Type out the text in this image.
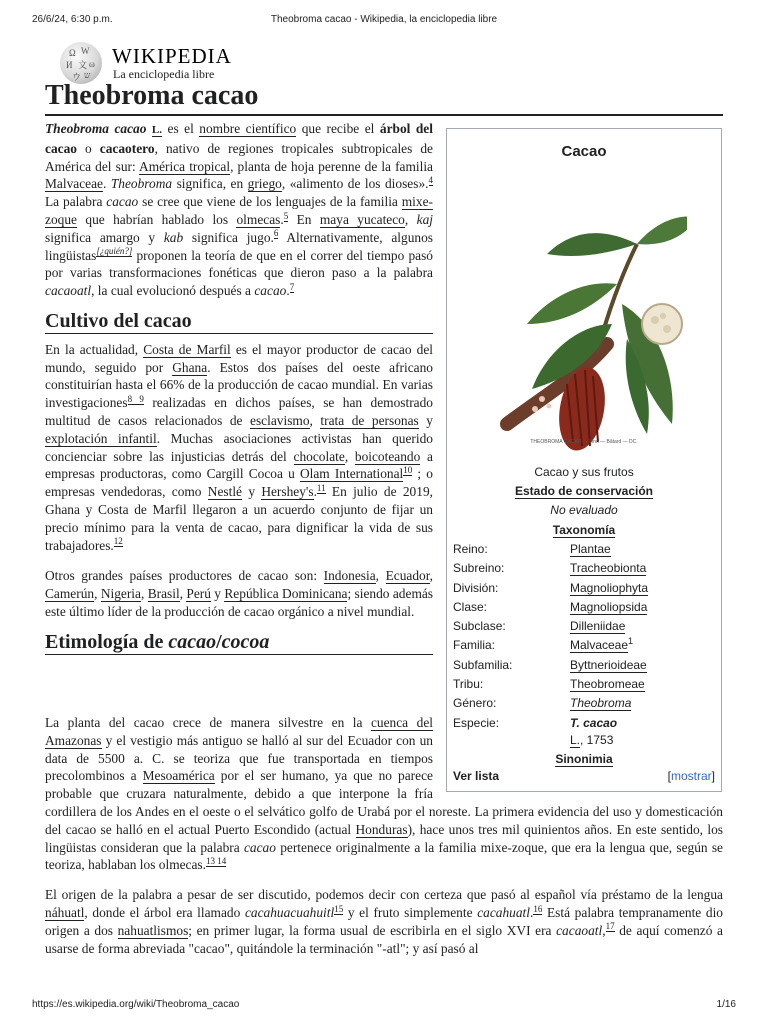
26/6/24, 6:30 p.m.	Theobroma cacao - Wikipedia, la enciclopedia libre
Ω W
И 文 ω
ウ ש
WIKIPEDIA
La enciclopedia libre
Theobroma cacao

Theobroma cacao L. es el nombre científico que recibe el árbol del cacao o cacaotero, nativo de regiones tropicales subtropicales de América del sur: América tropical, planta de hoja perenne de la familia Malvaceae. Theobroma significa, en griego, «alimento de los dioses».$^4$ La palabra cacao se cree que viene de los lenguajes de la familia mixe-zoque que habrían hablado los olmecas.$^5$ En maya yucateco, kaj significa amargo y kab significa jugo.$^6$ Alternativamente, algunos lingüistas[¿quién?] proponen la teoría de que en el correr del tiempo pasó por varias transformaciones fonéticas que dieron paso a la palabra cacaoatl, la cual evolucionó después a cacao.$^7$

Cultivo del cacao

En la actualidad, Costa de Marfil es el mayor productor de cacao del mundo, seguido por Ghana. Estos dos países del oeste africano constituirían hasta el 66% de la producción de cacao mundial. En varias investigaciones$^{8 9}$ realizadas en dichos países, se han demostrado multitud de casos relacionados de esclavismo, trata de personas y explotación infantil. Muchas asociaciones activistas han querido concienciar sobre las injusticias detrás del chocolate, boicoteando a empresas productoras, como Cargill Cocoa u Olam International$^{10}$ ; o empresas vendedoras, como Nestlé y Hershey's.$^{11}$ En julio de 2019, Ghana y Costa de Marfil llegaron a un acuerdo conjunto de fijar un precio mínimo para la venta de cacao, para dignificar la vida de sus trabajadores.$^{12}$

Otros grandes países productores de cacao son: Indonesia, Ecuador, Camerún, Nigeria, Brasil, Perú y República Dominicana; siendo además este último líder de la producción de cacao orgánico a nivel mundial.

Etimología de cacao/cocoa

La planta del cacao crece de manera silvestre en la cuenca del Amazonas y el vestigio más antiguo se halló al sur del Ecuador con un data de 5500 a. C. se teoriza que fue transportada en tiempos precolombinos a Mesoamérica por el ser humano, ya que no parece probable que cruzara naturalmente, debido a que interpone la fría cordillera de los Andes en el oeste o el selvático golfo de Urabá por el noreste. La primera evidencia del uso y domesticación del cacao se halló en el actual Puerto Escondido (actual Honduras), hace unos tres mil quinientos años. En este sentido, los lingüistas consideran que la palabra cacao pertenece originalmente a la familia mixe-zoque, que era la lengua que, según se teoriza, hablaban los olmecas.$^{13 14}$

El origen de la palabra a pesar de ser discutido, podemos decir con certeza que pasó al español vía préstamo de la lengua náhuatl, donde el árbol era llamado cacahuacuahuitl$^{15}$ y el fruto simplemente cacahuatl.$^{16}$ Está palabra tempranamente dio origen a dos nahuatlismos; en primer lugar, la forma usual de escribirla en el siglo XVI era cacaoatl,$^{17}$ de aquí comenzó a usarse de forma abreviada "cacao", quitándole la terminación "-atl"; y así pasó al

Cacao
THEOBROMA CACAO — Linn — Bâtard — DC.
Cacao y sus frutos
Estado de conservación
No evaluado
Taxonomía
Reino:	Plantae
Subreino:	Tracheobionta
División:	Magnoliophyta
Clase:	Magnoliopsida
Subclase:	Dilleniidae
Familia:	Malvaceae$^1$
Subfamilia:	Byttnerioideae
Tribu:	Theobromeae
Género:	Theobroma
Especie:	T. cacao
L., 1753
Sinonimia
Ver lista	[mostrar]
https://es.wikipedia.org/wiki/Theobroma_cacao	1/16
